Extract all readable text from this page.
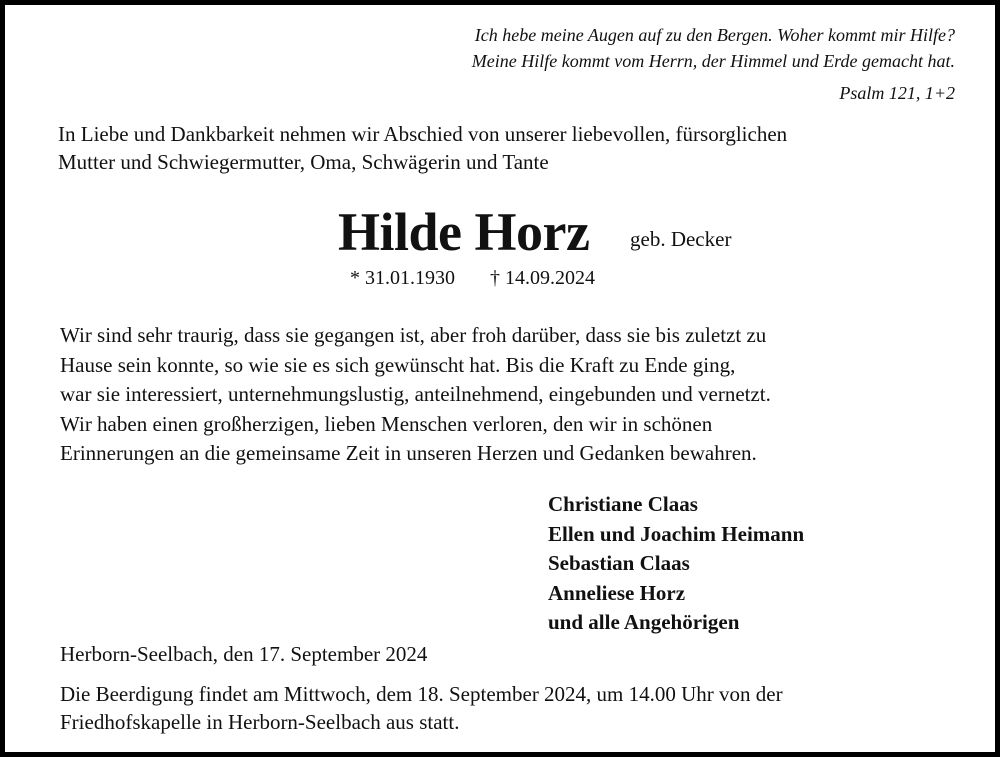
Ich hebe meine Augen auf zu den Bergen. Woher kommt mir Hilfe?
Meine Hilfe kommt vom Herrn, der Himmel und Erde gemacht hat.
Psalm 121, 1+2
In Liebe und Dankbarkeit nehmen wir Abschied von unserer liebevollen, fürsorglichen
Mutter und Schwiegermutter, Oma, Schwägerin und Tante
Hilde Horz geb. Decker
* 31.01.1930 † 14.09.2024
Wir sind sehr traurig, dass sie gegangen ist, aber froh darüber, dass sie bis zuletzt zu
Hause sein konnte, so wie sie es sich gewünscht hat. Bis die Kraft zu Ende ging,
war sie interessiert, unternehmungslustig, anteilnehmend, eingebunden und vernetzt.
Wir haben einen großherzigen, lieben Menschen verloren, den wir in schönen
Erinnerungen an die gemeinsame Zeit in unseren Herzen und Gedanken bewahren.
Christiane Claas
Ellen und Joachim Heimann
Sebastian Claas
Anneliese Horz
und alle Angehörigen
Herborn-Seelbach, den 17. September 2024
Die Beerdigung findet am Mittwoch, dem 18. September 2024, um 14.00 Uhr von der
Friedhofskapelle in Herborn-Seelbach aus statt.
